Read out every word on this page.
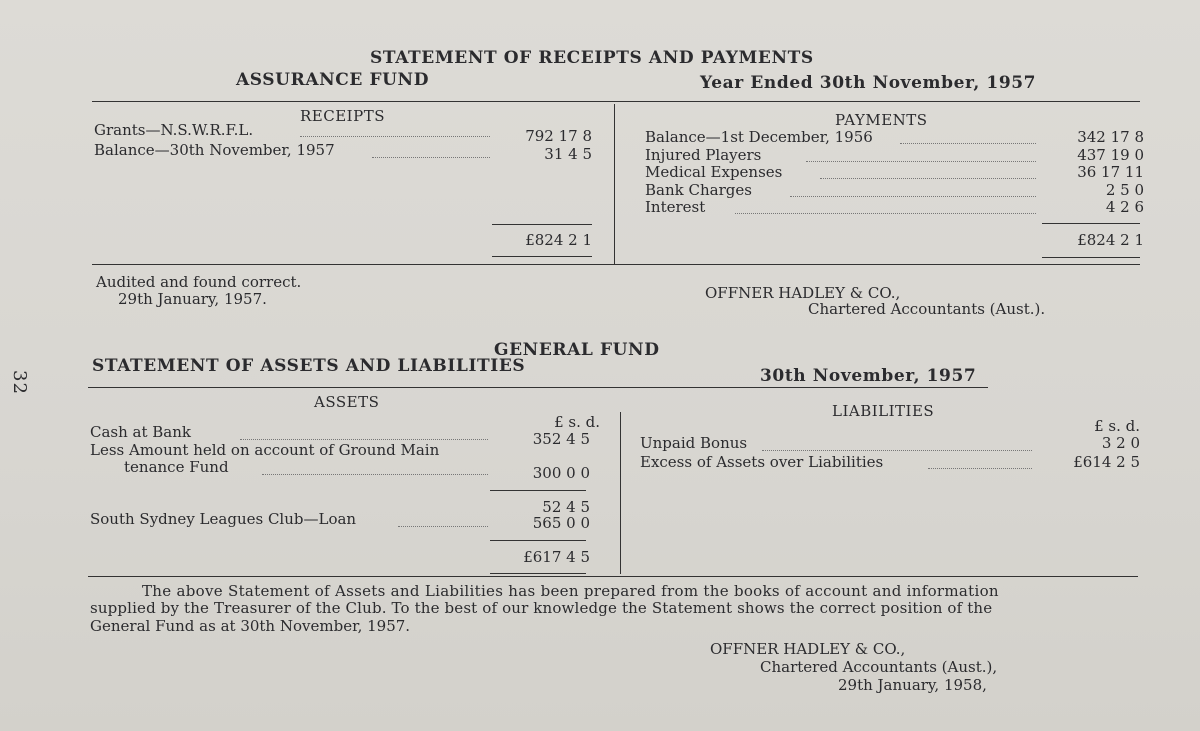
32
STATEMENT OF RECEIPTS AND PAYMENTS
ASSURANCE FUND	Year Ended 30th November, 1957
RECEIPTS	PAYMENTS
Grants—N.S.W.R.F.L.	792 17 8
Balance—30th November, 1957	31 4 5
£824 2 1
Balance—1st December, 1956	342 17 8
Injured Players	437 19 0
Medical Expenses	36 17 11
Bank Charges	2 5 0
Interest	4 2 6
£824 2 1
Audited and found correct.
29th January, 1957.	OFFNER HADLEY & CO.,
Chartered Accountants (Aust.).
GENERAL FUND
STATEMENT OF ASSETS AND LIABILITIES	30th November, 1957
ASSETS	LIABILITIES
£ s. d.
Cash at Bank	352 4 5
Less Amount held on account of Ground Main
tenance Fund	300 0 0
52 4 5
South Sydney Leagues Club—Loan	565 0 0
£617 4 5
£ s. d.
Unpaid Bonus	3 2 0
Excess of Assets over Liabilities	£614 2 5
The above Statement of Assets and Liabilities has been prepared from the books of account and information
supplied by the Treasurer of the Club. To the best of our knowledge the Statement shows the correct position of the
General Fund as at 30th November, 1957.
OFFNER HADLEY & CO.,
Chartered Accountants (Aust.),
29th January, 1958,
